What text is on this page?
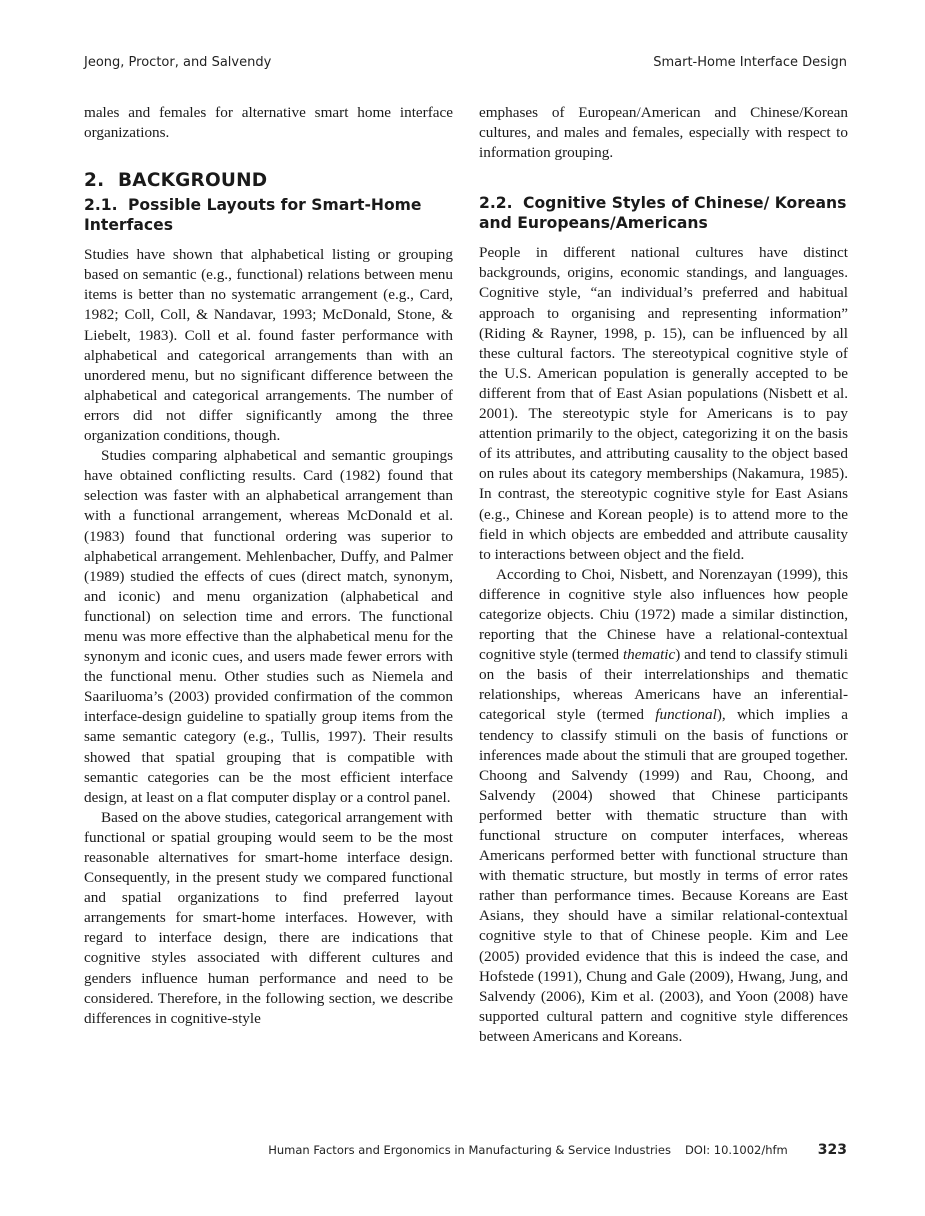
Jeong, Proctor, and Salvendy	Smart-Home Interface Design

males and females for alternative smart home interface organizations.

2. BACKGROUND
2.1. Possible Layouts for Smart-Home Interfaces

Studies have shown that alphabetical listing or grouping based on semantic (e.g., functional) relations between menu items is better than no systematic arrangement (e.g., Card, 1982; Coll, Coll, & Nandavar, 1993; McDonald, Stone, & Liebelt, 1983). Coll et al. found faster performance with alphabetical and categorical arrangements than with an unordered menu, but no significant difference between the alphabetical and categorical arrangements. The number of errors did not differ significantly among the three organization conditions, though.

Studies comparing alphabetical and semantic groupings have obtained conflicting results. Card (1982) found that selection was faster with an alphabetical arrangement than with a functional arrangement, whereas McDonald et al. (1983) found that functional ordering was superior to alphabetical arrangement. Mehlenbacher, Duffy, and Palmer (1989) studied the effects of cues (direct match, synonym, and iconic) and menu organization (alphabetical and functional) on selection time and errors. The functional menu was more effective than the alphabetical menu for the synonym and iconic cues, and users made fewer errors with the functional menu. Other studies such as Niemela and Saariluoma’s (2003) provided confirmation of the common interface-design guideline to spatially group items from the same semantic category (e.g., Tullis, 1997). Their results showed that spatial grouping that is compatible with semantic categories can be the most efficient interface design, at least on a flat computer display or a control panel.

Based on the above studies, categorical arrangement with functional or spatial grouping would seem to be the most reasonable alternatives for smart-home interface design. Consequently, in the present study we compared functional and spatial organizations to find preferred layout arrangements for smart-home interfaces. However, with regard to interface design, there are indications that cognitive styles associated with different cultures and genders influence human performance and need to be considered. Therefore, in the following section, we describe differences in cognitive-style

emphases of European/American and Chinese/Korean cultures, and males and females, especially with respect to information grouping.

2.2. Cognitive Styles of Chinese/ Koreans and Europeans/Americans

People in different national cultures have distinct backgrounds, origins, economic standings, and languages. Cognitive style, “an individual’s preferred and habitual approach to organising and representing information” (Riding & Rayner, 1998, p. 15), can be influenced by all these cultural factors. The stereotypical cognitive style of the U.S. American population is generally accepted to be different from that of East Asian populations (Nisbett et al. 2001). The stereotypic style for Americans is to pay attention primarily to the object, categorizing it on the basis of its attributes, and attributing causality to the object based on rules about its category memberships (Nakamura, 1985). In contrast, the stereotypic cognitive style for East Asians (e.g., Chinese and Korean people) is to attend more to the field in which objects are embedded and attribute causality to interactions between object and the field.

According to Choi, Nisbett, and Norenzayan (1999), this difference in cognitive style also influences how people categorize objects. Chiu (1972) made a similar distinction, reporting that the Chinese have a relational-contextual cognitive style (termed thematic) and tend to classify stimuli on the basis of their interrelationships and thematic relationships, whereas Americans have an inferential-categorical style (termed functional), which implies a tendency to classify stimuli on the basis of functions or inferences made about the stimuli that are grouped together. Choong and Salvendy (1999) and Rau, Choong, and Salvendy (2004) showed that Chinese participants performed better with thematic structure than with functional structure on computer interfaces, whereas Americans performed better with functional structure than with thematic structure, but mostly in terms of error rates rather than performance times. Because Koreans are East Asians, they should have a similar relational-contextual cognitive style to that of Chinese people. Kim and Lee (2005) provided evidence that this is indeed the case, and Hofstede (1991), Chung and Gale (2009), Hwang, Jung, and Salvendy (2006), Kim et al. (2003), and Yoon (2008) have supported cultural pattern and cognitive style differences between Americans and Koreans.

Human Factors and Ergonomics in Manufacturing & Service Industries DOI: 10.1002/hfm 323
